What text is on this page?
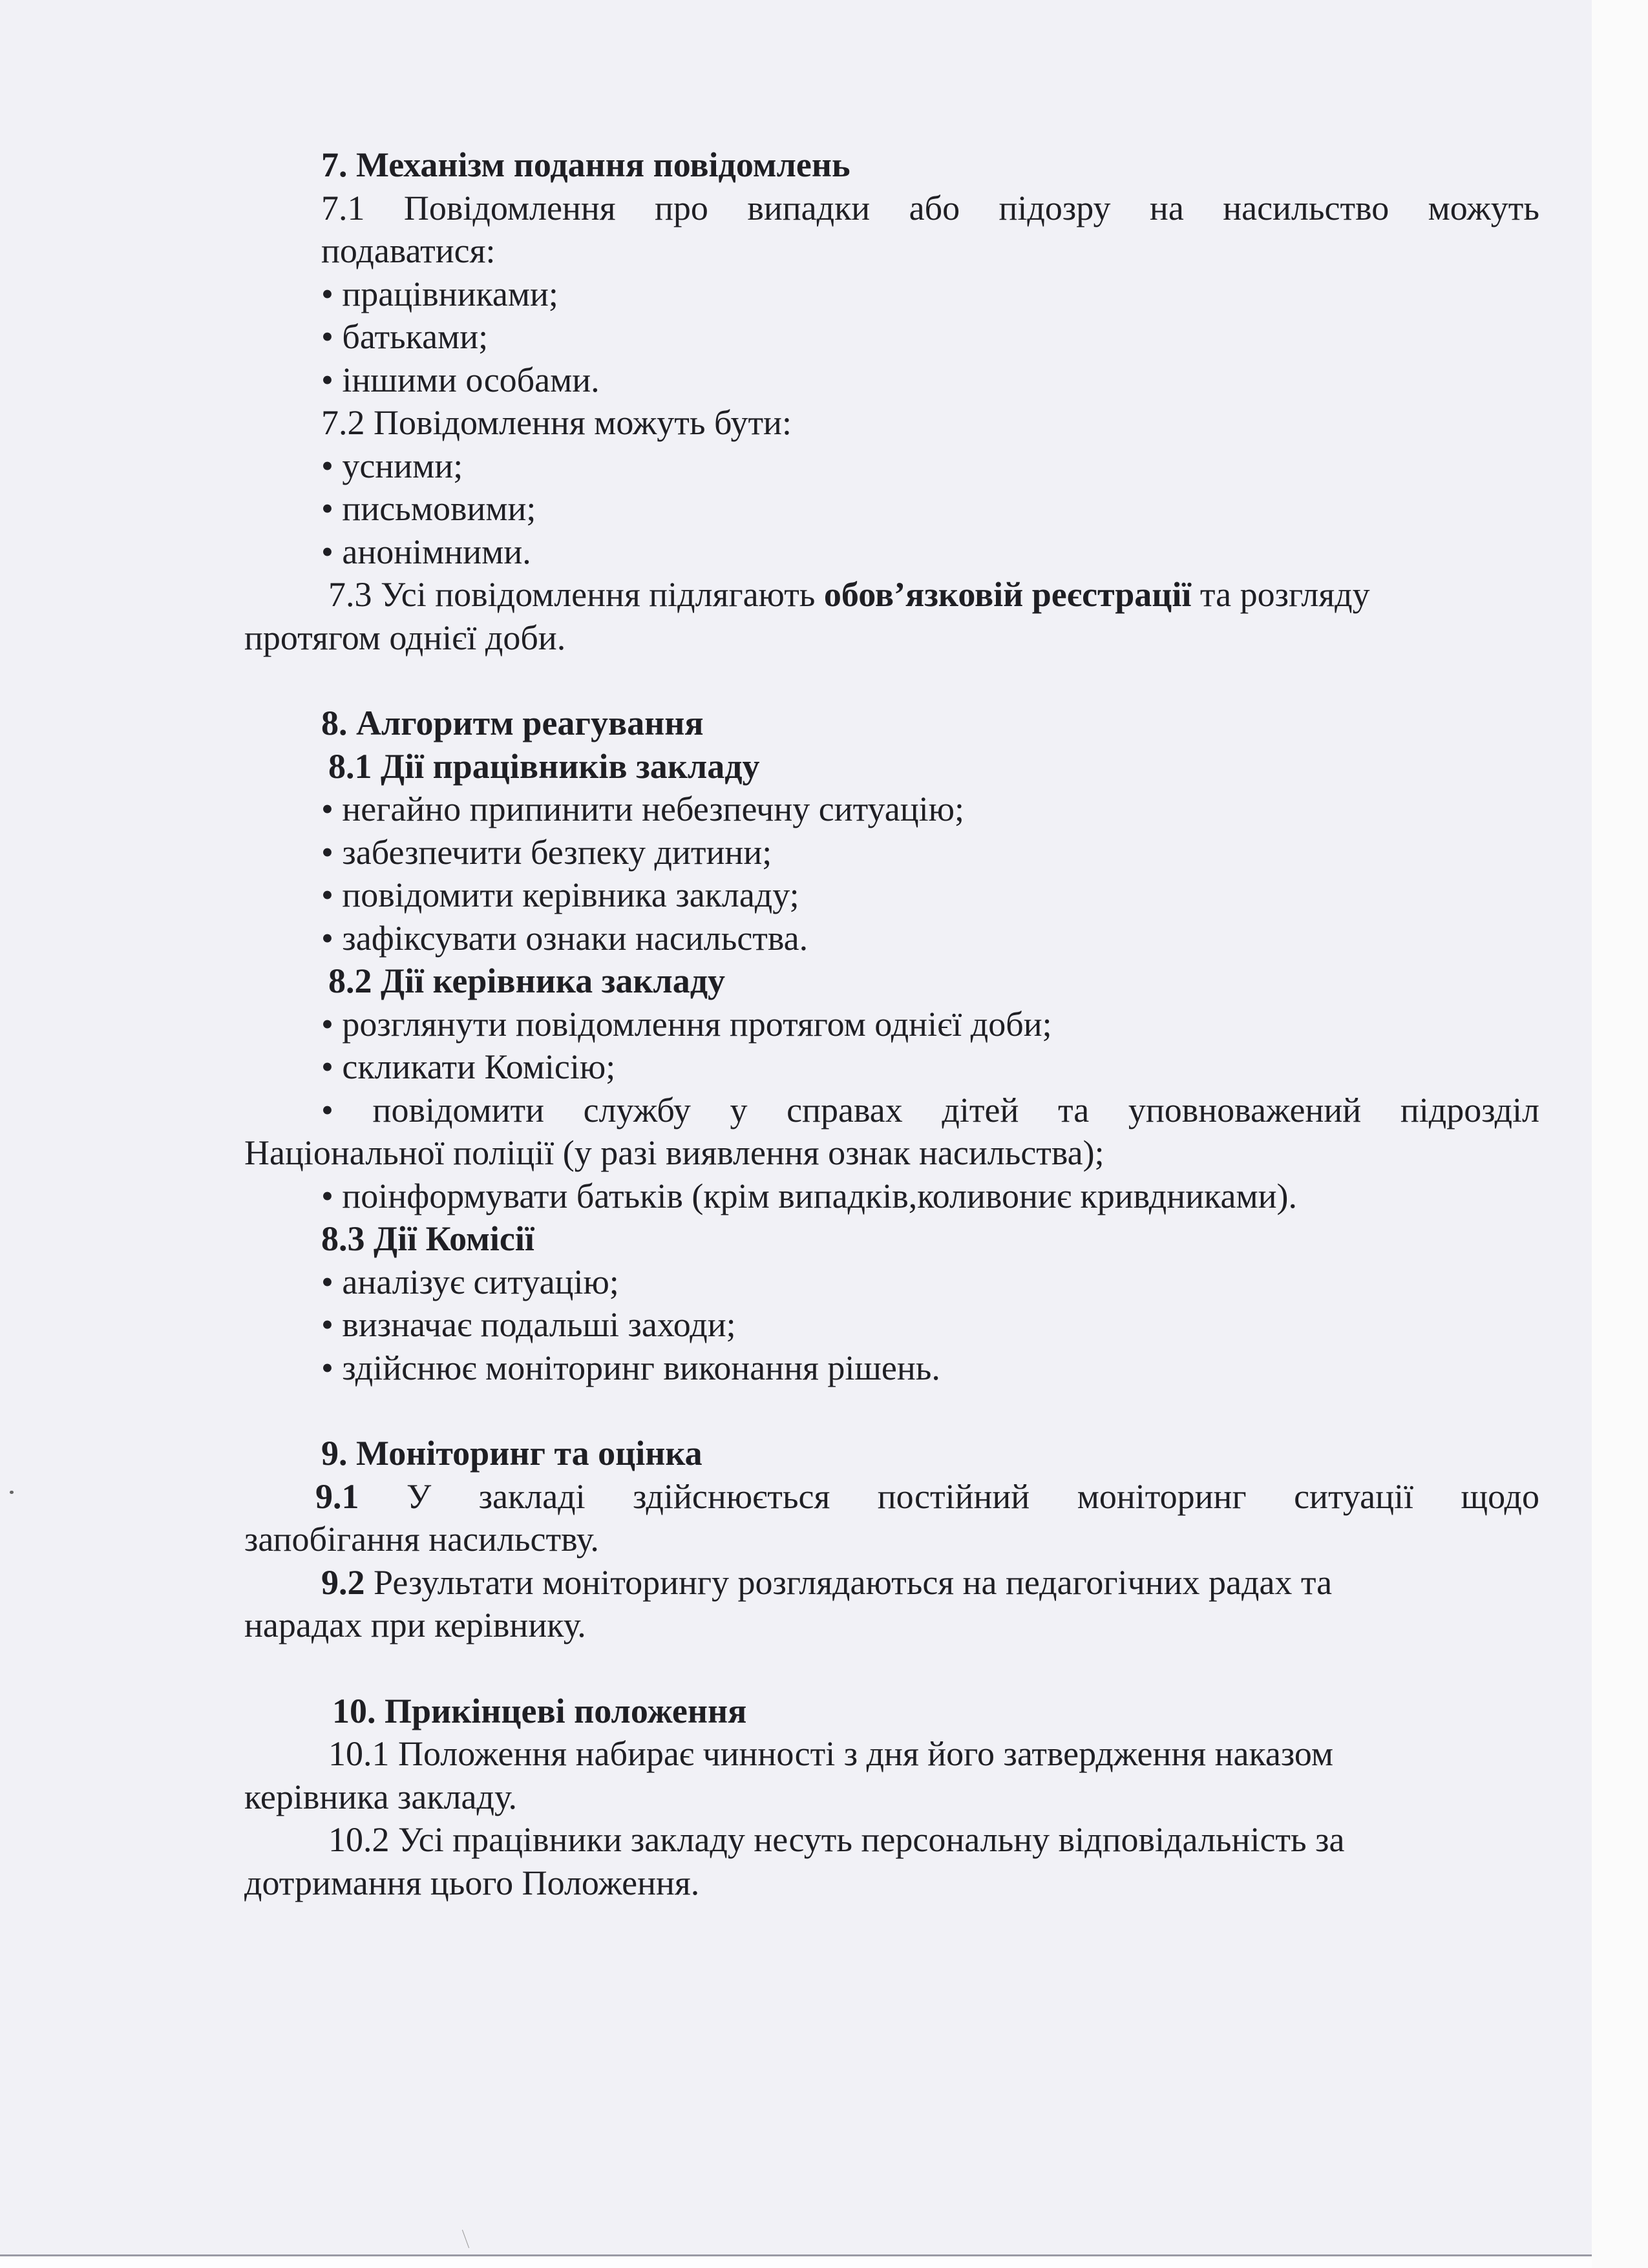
7. Механізм подання повідомлень
7.1 Повідомлення про випадки або підозру на насильство можуть
подаватися:
• працівниками;
• батьками;
• іншими особами.
7.2 Повідомлення можуть бути:
• усними;
• письмовими;
• анонімними.
7.3 Усі повідомлення підлягають обов’язковій реєстрації та розгляду
протягом однієї доби.
8. Алгоритм реагування
8.1 Дії працівників закладу
• негайно припинити небезпечну ситуацію;
• забезпечити безпеку дитини;
• повідомити керівника закладу;
• зафіксувати ознаки насильства.
8.2 Дії керівника закладу
• розглянути повідомлення протягом однієї доби;
• скликати Комісію;
• повідомити службу у справах дітей та уповноважений підрозділ
Національної поліції (у разі виявлення ознак насильства);
• поінформувати батьків (крім випадків,коливониє кривдниками).
8.3 Дії Комісії
• аналізує ситуацію;
• визначає подальші заходи;
• здійснює моніторинг виконання рішень.
9. Моніторинг та оцінка
9.1 У закладі здійснюється постійний моніторинг ситуації щодо
запобігання насильству.
9.2 Результати моніторингу розглядаються на педагогічних радах та
нарадах при керівнику.
10. Прикінцеві положення
10.1 Положення набирає чинності з дня його затвердження наказом
керівника закладу.
10.2 Усі працівники закладу несуть персональну відповідальність за
дотримання цього Положення.
